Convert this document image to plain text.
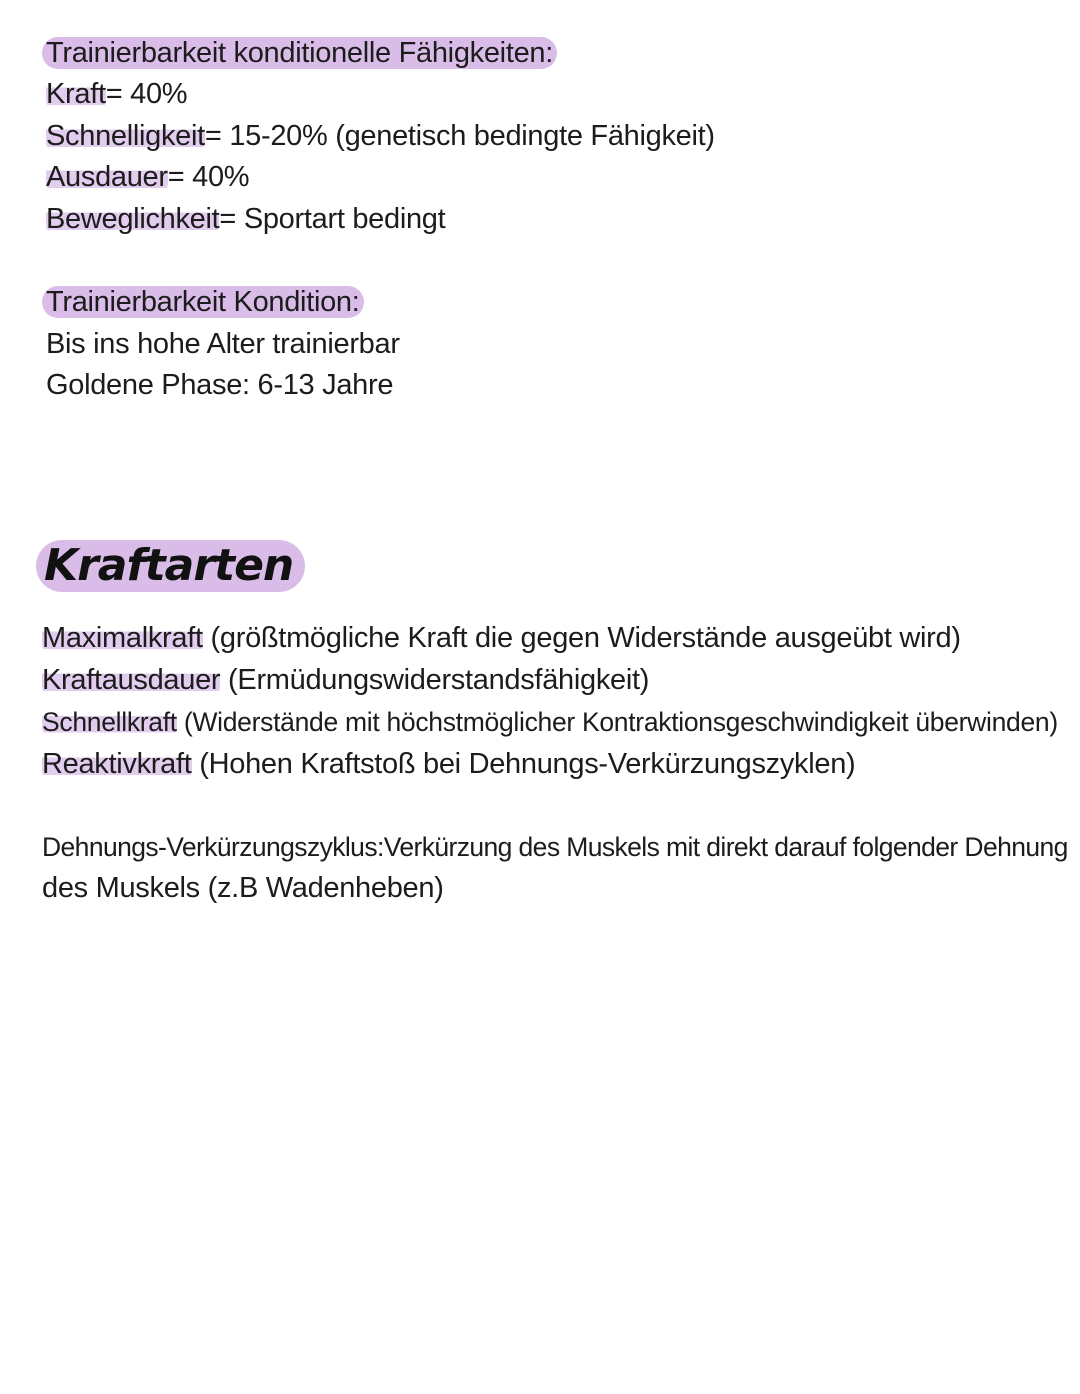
Trainierbarkeit konditionelle Fähigkeiten:
Kraft= 40%
Schnelligkeit= 15-20% (genetisch bedingte Fähigkeit)
Ausdauer= 40%
Beweglichkeit= Sportart bedingt
Trainierbarkeit Kondition:
Bis ins hohe Alter trainierbar
Goldene Phase: 6-13 Jahre
Kraftarten
Maximalkraft (größtmögliche Kraft die gegen Widerstände ausgeübt wird)
Kraftausdauer (Ermüdungswiderstandsfähigkeit)
Schnellkraft (Widerstände mit höchstmöglicher Kontraktionsgeschwindigkeit überwinden)
Reaktivkraft (Hohen Kraftstoß bei Dehnungs-Verkürzungszyklen)
Dehnungs-Verkürzungszyklus:Verkürzung des Muskels mit direkt darauf folgender Dehnung
des Muskels (z.B Wadenheben)
